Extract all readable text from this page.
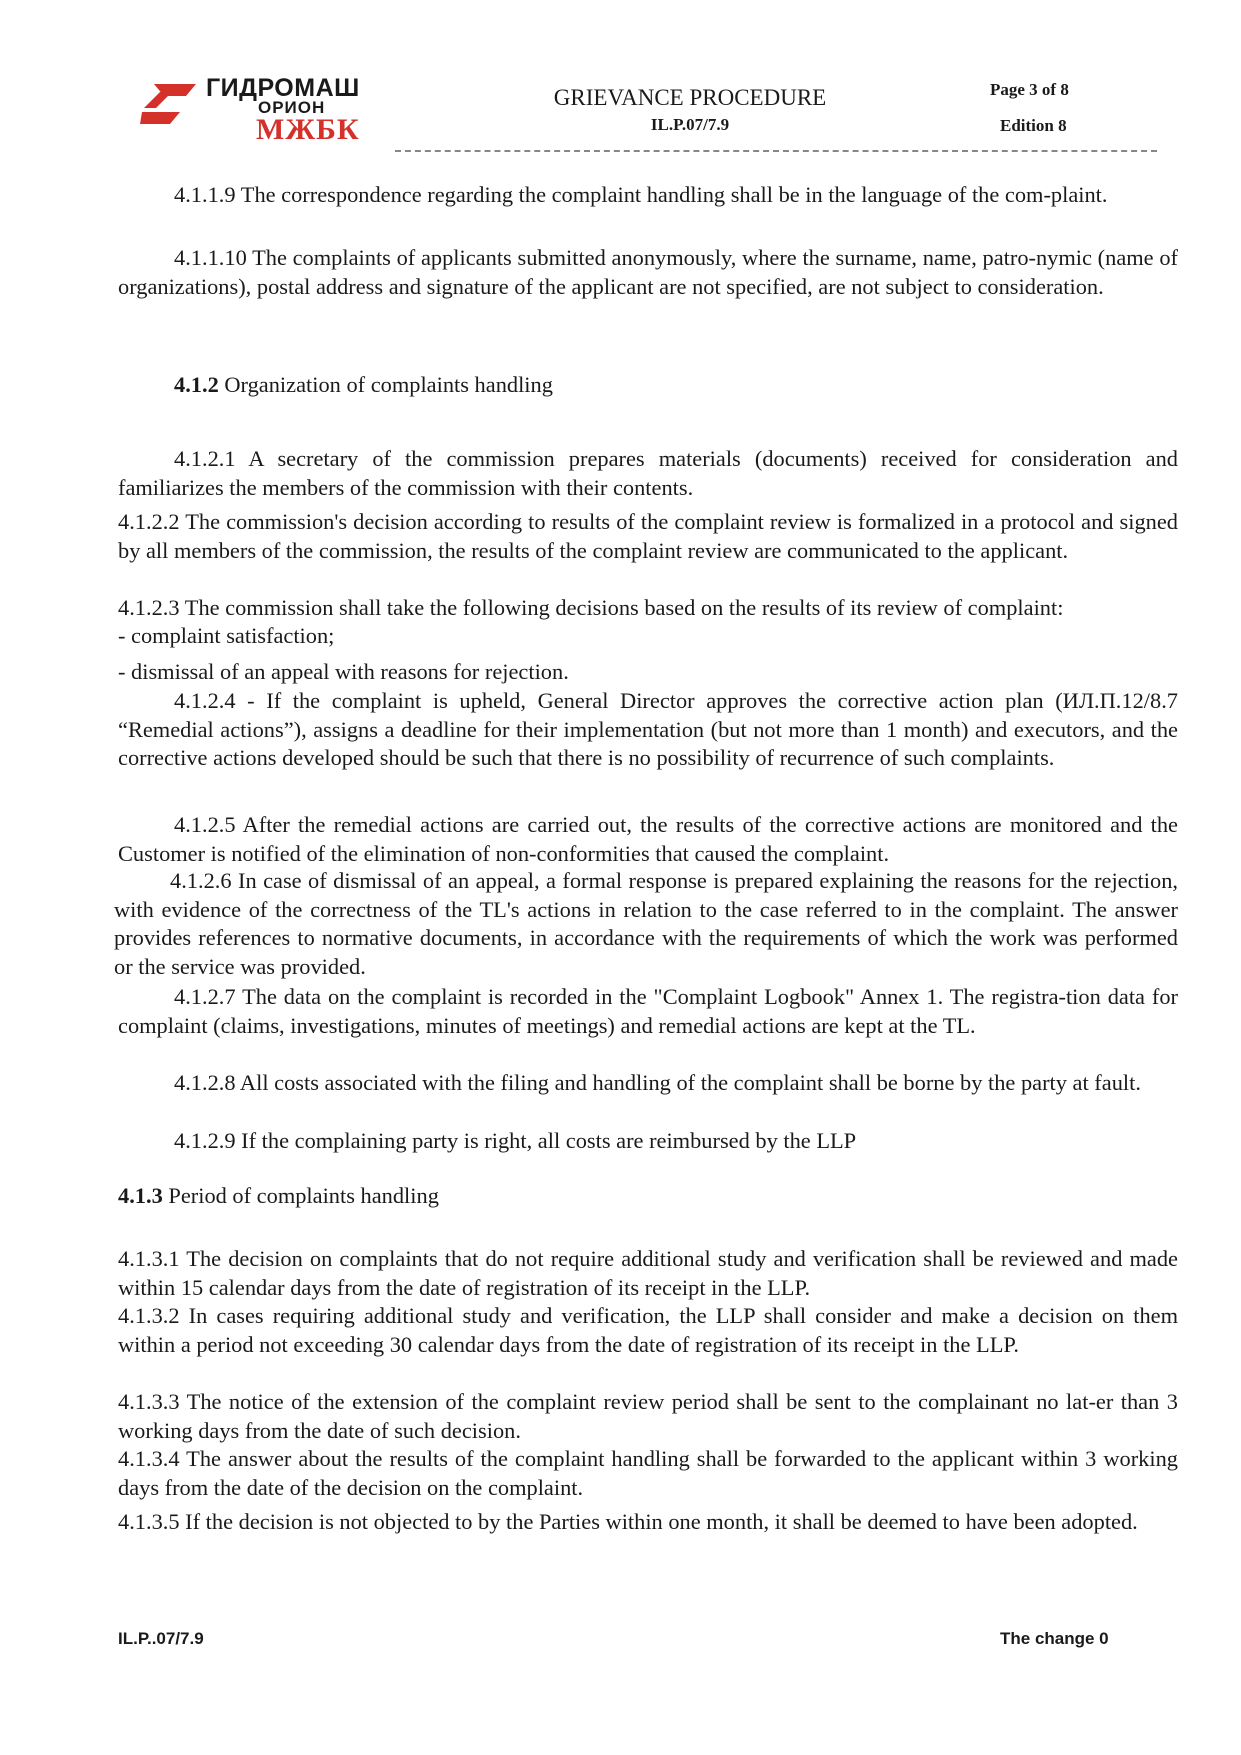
ГИДРОМАШ
ОРИОН
МЖБК
GRIEVANCE PROCEDURE
IL.P.07/7.9
Page 3 of 8
Edition 8

4.1.1.9 The correspondence regarding the complaint handling shall be in the language of the com-plaint.

4.1.1.10 The complaints of applicants submitted anonymously, where the surname, name, patro-nymic (name of organizations), postal address and signature of the applicant are not specified, are not subject to consideration.

4.1.2 Organization of complaints handling

4.1.2.1 A secretary of the commission prepares materials (documents) received for consideration and familiarizes the members of the commission with their contents.

4.1.2.2 The commission's decision according to results of the complaint review is formalized in a protocol and signed by all members of the commission, the results of the complaint review are communicated to the applicant.

4.1.2.3 The commission shall take the following decisions based on the results of its review of complaint:

- complaint satisfaction;

- dismissal of an appeal with reasons for rejection.

4.1.2.4 - If the complaint is upheld, General Director approves the corrective action plan (ИЛ.П.12/8.7 “Remedial actions”), assigns a deadline for their implementation (but not more than 1 month) and executors, and the corrective actions developed should be such that there is no possibility of recurrence of such complaints.

4.1.2.5 After the remedial actions are carried out, the results of the corrective actions are monitored and the Customer is notified of the elimination of non-conformities that caused the complaint.

4.1.2.6 In case of dismissal of an appeal, a formal response is prepared explaining the reasons for the rejection, with evidence of the correctness of the TL's actions in relation to the case referred to in the complaint. The answer provides references to normative documents, in accordance with the requirements of which the work was performed or the service was provided.

4.1.2.7 The data on the complaint is recorded in the "Complaint Logbook" Annex 1. The registra-tion data for complaint (claims, investigations, minutes of meetings) and remedial actions are kept at the TL.

4.1.2.8 All costs associated with the filing and handling of the complaint shall be borne by the party at fault.

4.1.2.9 If the complaining party is right, all costs are reimbursed by the LLP

4.1.3 Period of complaints handling

4.1.3.1 The decision on complaints that do not require additional study and verification shall be reviewed and made within 15 calendar days from the date of registration of its receipt in the LLP.

4.1.3.2 In cases requiring additional study and verification, the LLP shall consider and make a decision on them within a period not exceeding 30 calendar days from the date of registration of its receipt in the LLP.

4.1.3.3 The notice of the extension of the complaint review period shall be sent to the complainant no lat-er than 3 working days from the date of such decision.

4.1.3.4 The answer about the results of the complaint handling shall be forwarded to the applicant within 3 working days from the date of the decision on the complaint.

4.1.3.5 If the decision is not objected to by the Parties within one month, it shall be deemed to have been adopted.

IL.P..07/7.9	The change 0
